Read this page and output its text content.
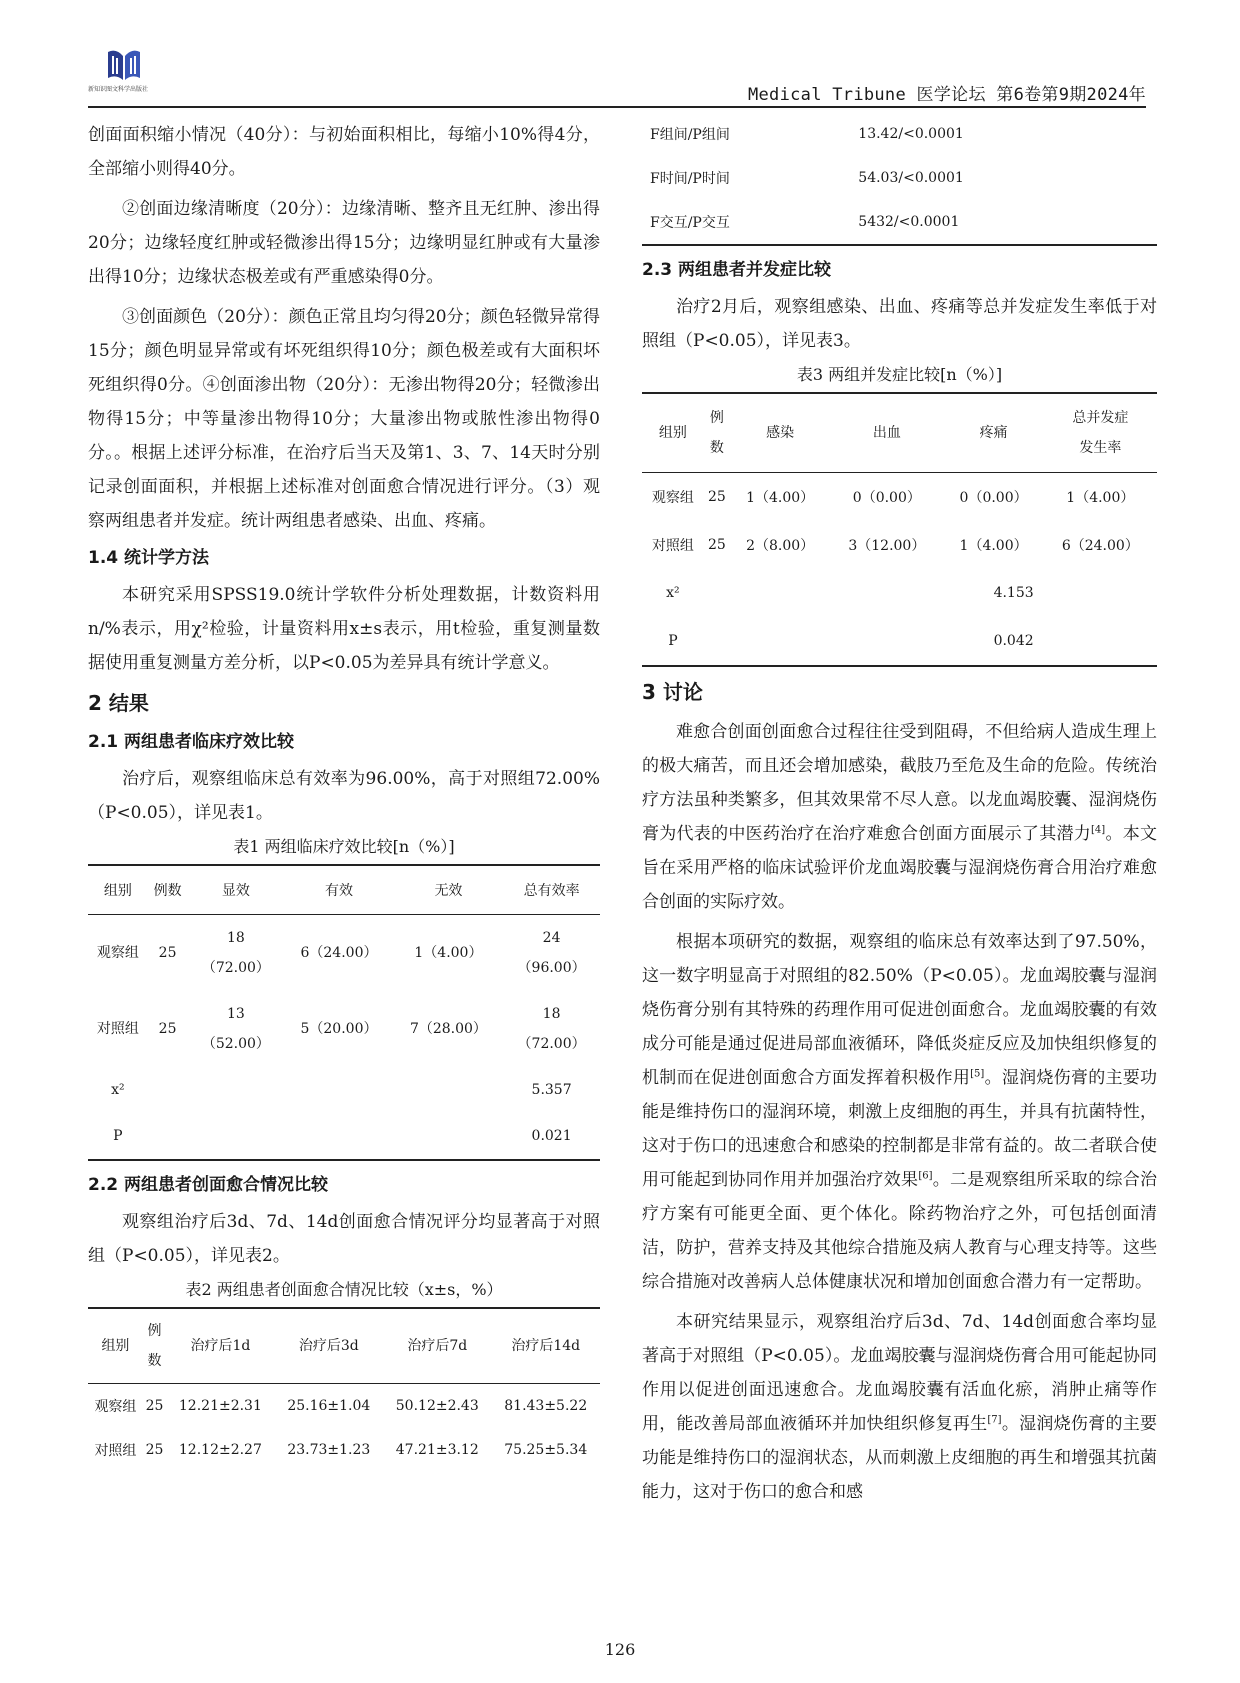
新知识图文科学出版社	Medical Tribune 医学论坛 第6卷第9期2024年

创面面积缩小情况（40分）：与初始面积相比，每缩小10%得4分，全部缩小则得40分。

②创面边缘清晰度（20分）：边缘清晰、整齐且无红肿、渗出得20分；边缘轻度红肿或轻微渗出得15分；边缘明显红肿或有大量渗出得10分；边缘状态极差或有严重感染得0分。

③创面颜色（20分）：颜色正常且均匀得20分；颜色轻微异常得15分；颜色明显异常或有坏死组织得10分；颜色极差或有大面积坏死组织得0分。④创面渗出物（20分）：无渗出物得20分；轻微渗出物得15分；中等量渗出物得10分；大量渗出物或脓性渗出物得0分。。根据上述评分标准，在治疗后当天及第1、3、7、14天时分别记录创面面积，并根据上述标准对创面愈合情况进行评分。（3）观察两组患者并发症。统计两组患者感染、出血、疼痛。

1.4 统计学方法

本研究采用SPSS19.0统计学软件分析处理数据，计数资料用n/%表示，用χ²检验，计量资料用x±s表示，用t检验，重复测量数据使用重复测量方差分析，以P<0.05为差异具有统计学意义。

2 结果
2.1 两组患者临床疗效比较

治疗后，观察组临床总有效率为96.00%，高于对照组72.00%（P<0.05），详见表1。

表1 两组临床疗效比较[n（%）]
组别	例数	显效	有效	无效	总有效率
观察组	25	18
（72.00）	6（24.00）	1（4.00）	24
（96.00）
对照组	25	13
（52.00）	5（20.00）	7（28.00）	18
（72.00）
x²					5.357
P					0.021
2.2 两组患者创面愈合情况比较

观察组治疗后3d、7d、14d创面愈合情况评分均显著高于对照组（P<0.05），详见表2。

表2 两组患者创面愈合情况比较（x±s，%）
组别	例
数	治疗后1d	治疗后3d	治疗后7d	治疗后14d
观察组	25	12.21±2.31	25.16±1.04	50.12±2.43	81.43±5.22
对照组	25	12.12±2.27	23.73±1.23	47.21±3.12	75.25±5.34
F组间/P组间	13.42/<0.0001
F时间/P时间	54.03/<0.0001
F交互/P交互	5432/<0.0001
2.3 两组患者并发症比较

治疗2月后，观察组感染、出血、疼痛等总并发症发生率低于对照组（P<0.05），详见表3。

表3 两组并发症比较[n（%）]
组别	例
数	感染	出血	疼痛	总并发症
发生率
观察组	25	1（4.00）	0（0.00）	0（0.00）	1（4.00）
对照组	25	2（8.00）	3（12.00）	1（4.00）	6（24.00）
x²			4.153		
P			0.042		
3 讨论

难愈合创面创面愈合过程往往受到阻碍，不但给病人造成生理上的极大痛苦，而且还会增加感染，截肢乃至危及生命的危险。传统治疗方法虽种类繁多，但其效果常不尽人意。以龙血竭胶囊、湿润烧伤膏为代表的中医药治疗在治疗难愈合创面方面展示了其潜力[4]。本文旨在采用严格的临床试验评价龙血竭胶囊与湿润烧伤膏合用治疗难愈合创面的实际疗效。

根据本项研究的数据，观察组的临床总有效率达到了97.50%，这一数字明显高于对照组的82.50%（P<0.05）。龙血竭胶囊与湿润烧伤膏分别有其特殊的药理作用可促进创面愈合。龙血竭胶囊的有效成分可能是通过促进局部血液循环，降低炎症反应及加快组织修复的机制而在促进创面愈合方面发挥着积极作用[5]。湿润烧伤膏的主要功能是维持伤口的湿润环境，刺激上皮细胞的再生，并具有抗菌特性，这对于伤口的迅速愈合和感染的控制都是非常有益的。故二者联合使用可能起到协同作用并加强治疗效果[6]。二是观察组所采取的综合治疗方案有可能更全面、更个体化。除药物治疗之外，可包括创面清洁，防护，营养支持及其他综合措施及病人教育与心理支持等。这些综合措施对改善病人总体健康状况和增加创面愈合潜力有一定帮助。

本研究结果显示，观察组治疗后3d、7d、14d创面愈合率均显著高于对照组（P<0.05）。龙血竭胶囊与湿润烧伤膏合用可能起协同作用以促进创面迅速愈合。龙血竭胶囊有活血化瘀，消肿止痛等作用，能改善局部血液循环并加快组织修复再生[7]。湿润烧伤膏的主要功能是维持伤口的湿润状态，从而刺激上皮细胞的再生和增强其抗菌能力，这对于伤口的愈合和感

126
